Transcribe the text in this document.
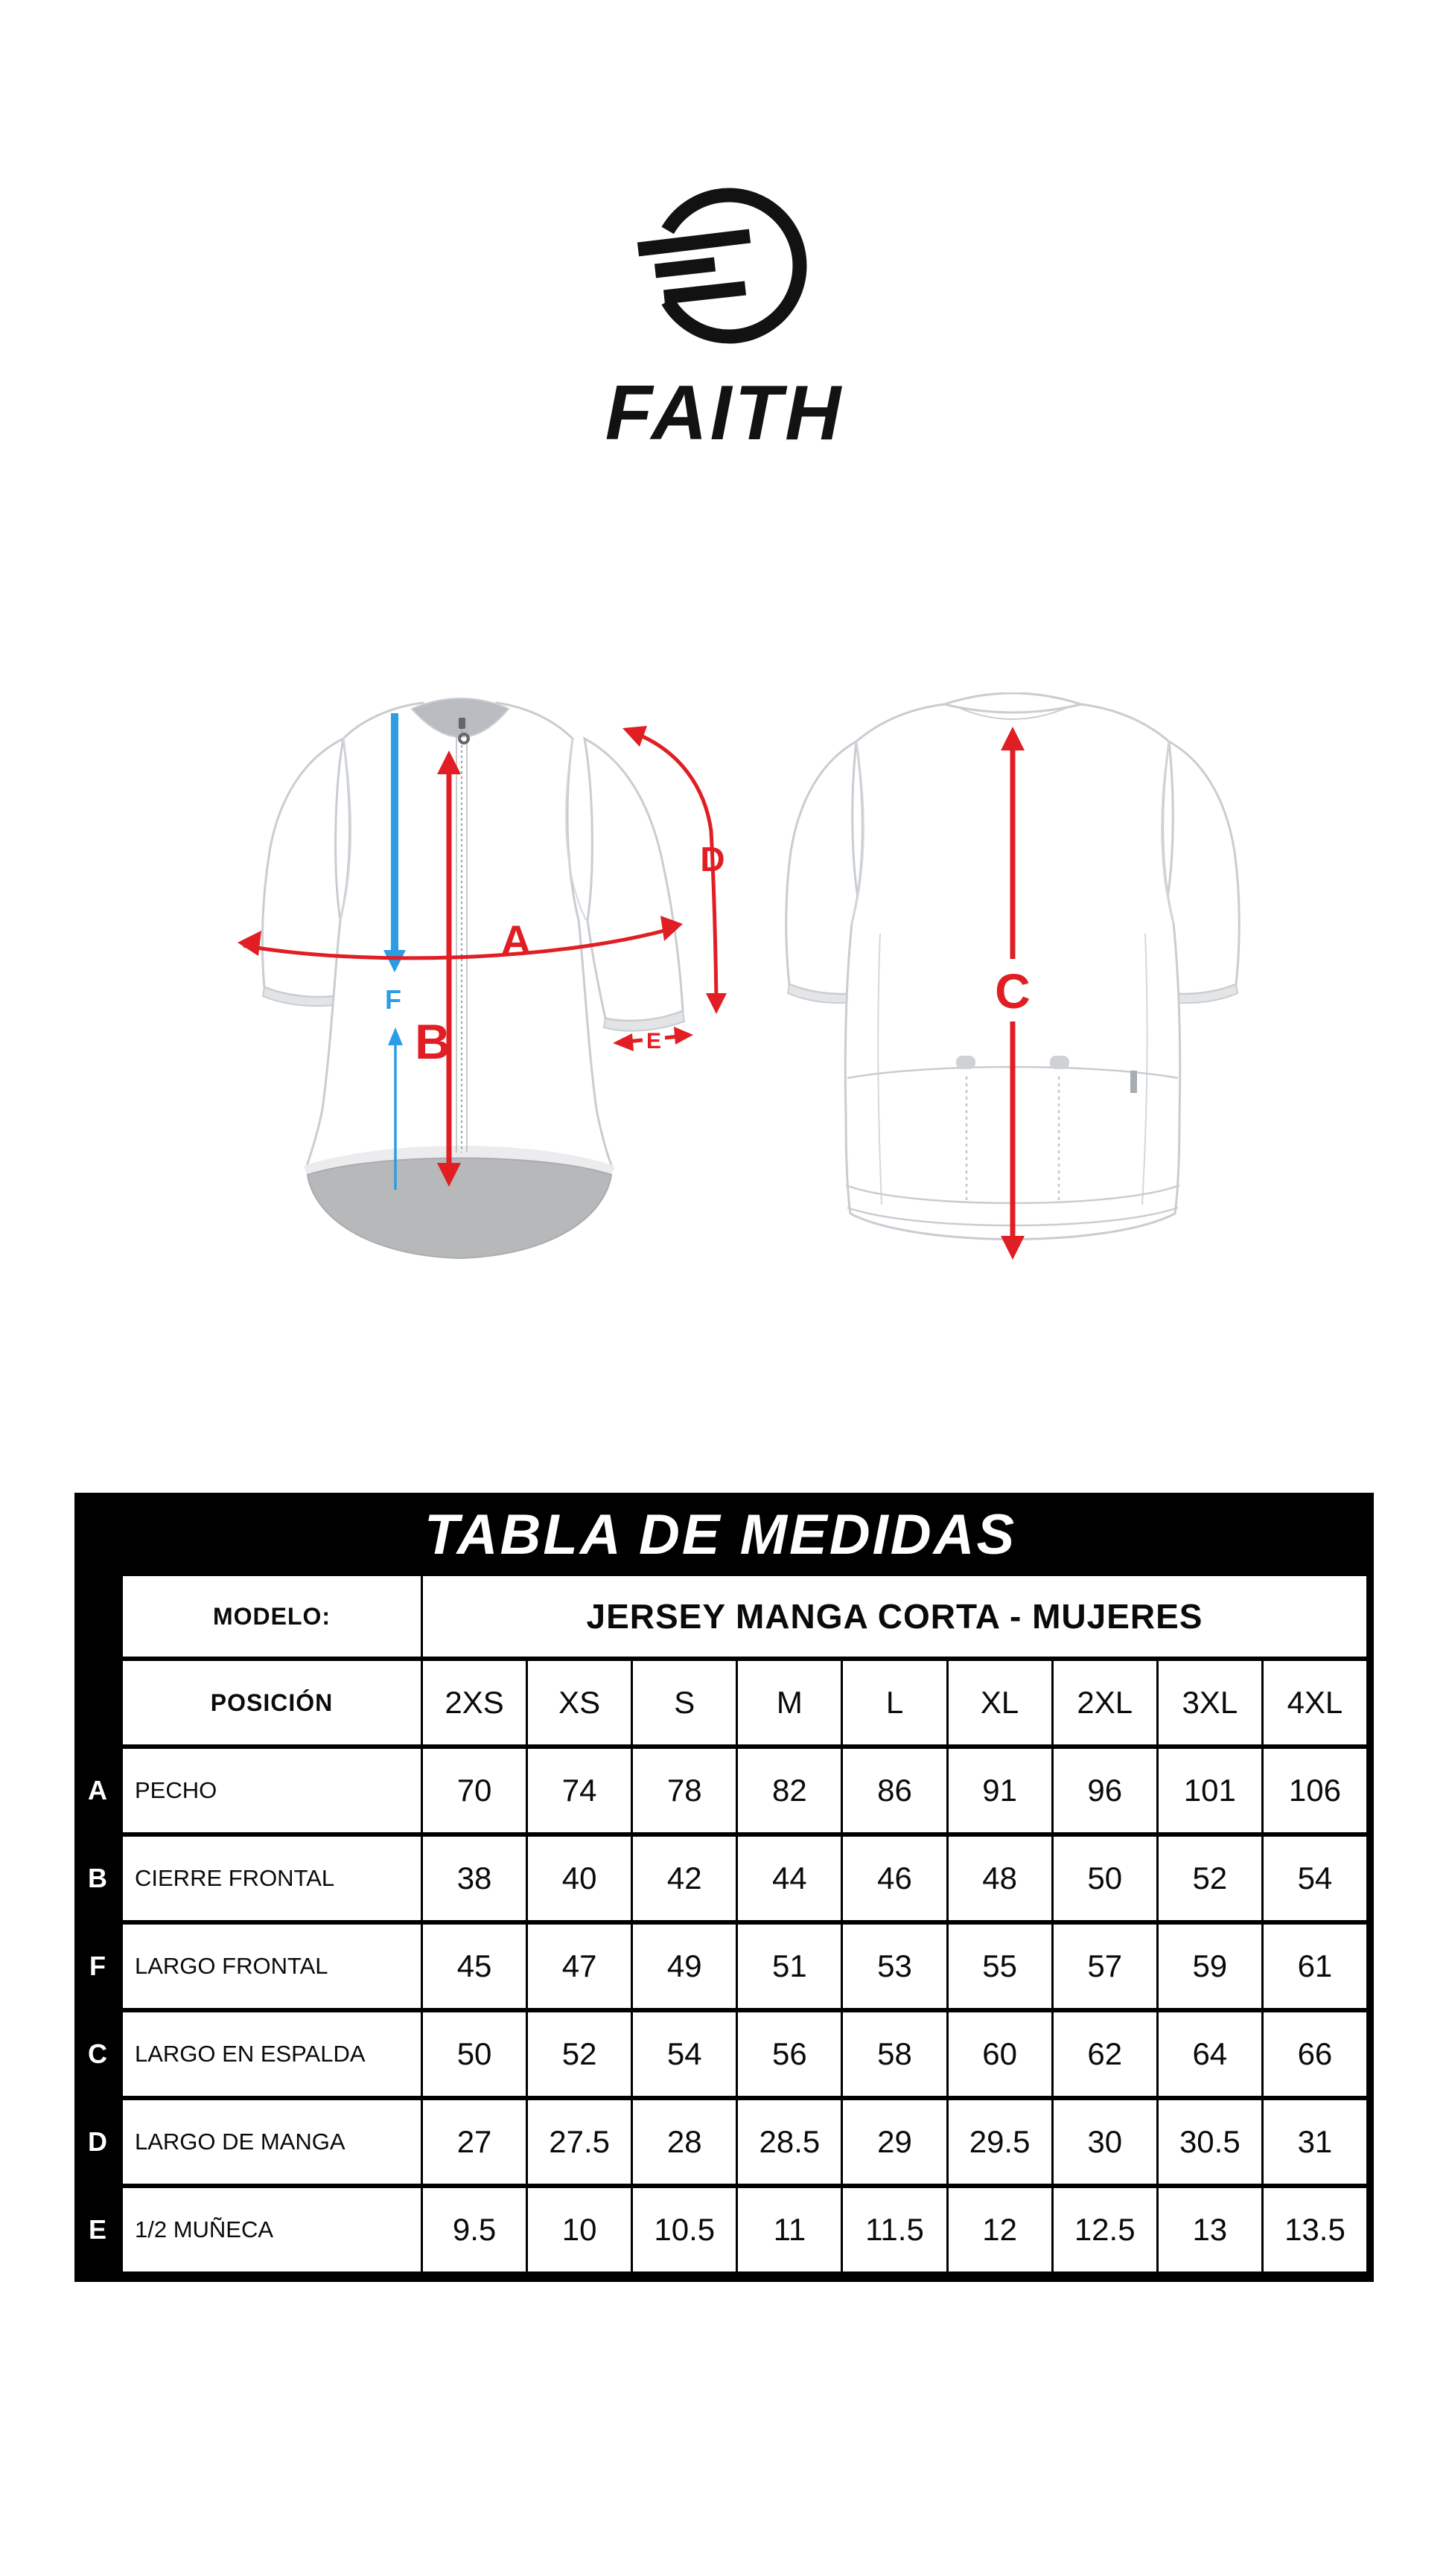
FAITH
F
A
B
D
E
C
TABLA DE MEDIDAS
MODELO:	JERSEY MANGA CORTA - MUJERES
POSICIÓN	2XS	XS	S	M	L	XL	2XL	3XL	4XL
A	PECHO	70	74	78	82	86	91	96	101	106
B	CIERRE FRONTAL	38	40	42	44	46	48	50	52	54
F	LARGO FRONTAL	45	47	49	51	53	55	57	59	61
C	LARGO EN ESPALDA	50	52	54	56	58	60	62	64	66
D	LARGO DE MANGA	27	27.5	28	28.5	29	29.5	30	30.5	31
E	1/2 MUÑECA	9.5	10	10.5	11	11.5	12	12.5	13	13.5
